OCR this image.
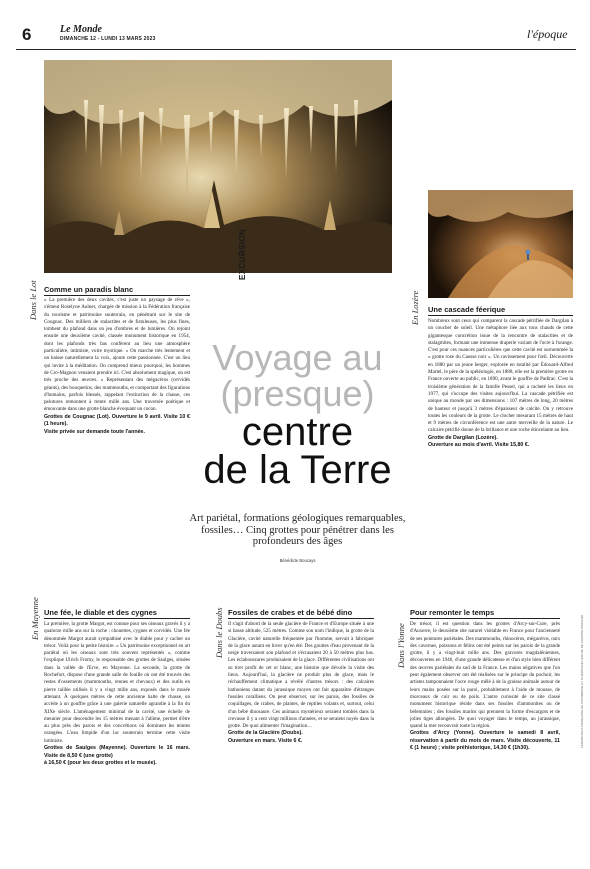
6	Le Monde
DIMANCHE 12 - LUNDI 13 MARS 2023	l'époque
Dans le Lot Comme un paradis blanc

« La première des deux cavités, c'est juste un paysage de rêve », s'émeut Roselyne Aulner, chargée de mission à la Fédération française du tourisme et patrimoine souterrain, en pénétrant sur le site de Cougnac. Des milliers de stalactites et de fistuleuses, les plus fines, tombent du plafond dans un jeu d'ombres et de lumières. On rejoint ensuite une deuxième cavité, classée monument historique en 1954, dont les plafonds très bas confèrent au lieu une atmosphère particulière, intimiste, voire mystique. « On marche très lentement et on baisse naturellement la voix, ajoute cette passionnée. C'est un lieu qui invite à la méditation. On comprend mieux pourquoi, les hommes de Cro-Magnon venaient prendre ici. C'est absolument magique, on est très proche des œuvres. » Représentant des mégacéros (cervidés géants), des bouquetins, des mammouths, et comportant des figurations d'humains, parfois blessés, rappelant l'extinction de la chasse, ces peintures remontent à trente mille ans. Une traversée poétique et émouvante dans une grotte blanche évoquant un cocon.

Grottes de Cougnac (Lot). Ouverture le 9 avril. Visite 10 € (1 heure).

Visite privée sur demande toute l'année.

EXCURSION
Voyage au
(presque)
centre
de la Terre
Art pariétal, formations géologiques remarquables, fossiles… Cinq grottes pour pénétrer dans les profondeurs des âges
Bénédicte Boucays
En Lozère Une cascade féerique

Nombreux sont ceux qui comparent la cascade pétrifiée de Dargilan à un coucher de soleil. Une métaphore liée aux tons chauds de cette gigantesque concrétion issue de la rencontre de stalactites et de stalagmites, formant une immense draperie variant de l'ocre à l'orange. C'est pour ces nuances particulières que cette cavité est surnommée la « grotte rose du Causse noir ». Un ravissement pour l'œil. Découverte en 1880 par un jeune berger, explorée en totalité par Édouard-Alfred Martel, le père de la spéléologie, en 1888, elle est la première grotte en France ouverte au public, en 1890, avant le gouffre de Padirac. C'est la troisième génération de la famille Pessel, qui a racheté les lieux en 1977, qui s'occupe des visites aujourd'hui. La cascade pétrifiée est unique au monde par ses dimensions : 107 mètres de long, 20 mètres de hauteur et jusqu'à 3 mètres d'épaisseur de calcite. On y retrouve toutes les couleurs de la grotte. Le clocher mesurant 15 mètres de haut et 9 mètres de circonférence est une autre merveille de la nature. Le calcaire pétrifié donne de la brillance et une roche étincelante au lieu.

Grotte de Dargilan (Lozère).

Ouverture au mois d'avril. Visite 15,80 €.

En Mayenne Une fée, le diable et des cygnes

La première, la grotte Margot, est connue pour ses oiseaux gravés il y a quatorze mille ans sur la roche : chouettes, cygnes et corvidés. Une fée dénommée Margot aurait sympathisé avec le diable pour y cacher un trésor. Voilà pour la petite histoire. « Un patrimoine exceptionnel en art pariétal où les oiseaux sont très souvent représentés », comme l'explique Ulrich Fromy, le responsable des grottes de Saulges, situées dans la vallée de l'Erve, en Mayenne. La seconde, la grotte de Rochefort, dispose d'une grande salle de fouille où ont été trouvés des restes d'ossements (mammouths, rennes et chevaux) et des outils en pierre taillée utilisés il y a vingt mille ans, exposés dans le musée attenant. À quelques mètres de cette ancienne halte de chasse, on accède à un gouffre grâce à une galerie naturelle agrandie à la fin du XIXe siècle. L'aménagement minimal de la cavité, une échelle de meunier pour descendre les 15 mètres menant à l'abîme, permet d'être au plus près des parois et des concrétions où dominent les teintes orangées. L'eau limpide d'un lac souterrain termine cette visite intimiste.

Grottes de Saulges (Mayenne). Ouverture le 16 mars. Visite de 8,50 € (une grotte)

à 16,50 € (pour les deux grottes et le musée).

Dans le Doubs Fossiles de crabes et de bébé dino

Il s'agit d'abord de la seule glacière de France et d'Europe située à une si basse altitude, 525 mètres. Comme son nom l'indique, la grotte de la Glacière, cavité naturelle fréquentée par l'homme, servait à fabriquer de la glace autant en hiver qu'en été. Des gouttes d'eau provenant de la neige traversaient son plafond et s'écrasaient 20 à 50 mètres plus bas. Les éclaboussures produisaient de la glace. Différentes civilisations ont su tirer profit de cet or blanc, une histoire que dévoile la visite des lieux. Aujourd'hui, la glacière ne produit plus de glace, mais le réchauffement climatique a révélé d'autres trésors : des calcaires bathoniens datant du jurassique moyen ont fait apparaître d'étranges fossiles coralliens. On peut observer, sur les parois, des fossiles de coquillages, de crabes, de plantes, de reptiles volants et, surtout, celui d'un bébé dinosaure. Ces animaux mystérieux seraient tombés dans la crevasse il y a cent vingt millions d'années, et se seraient noyés dans la grotte. De quoi alimenter l'imagination…

Grotte de la Glacière (Doubs).

Ouverture en mars. Visite 6 €.

Dans l'Yonne
Pour remonter le temps

De trésor, il est question dans les grottes d'Arcy-sur-Cure, près d'Auxerre, le deuxième site naturel visitable en France pour l'ancienneté de ses peintures pariétales. Des mammouths, rhinocéros, mégacéros, ours des cavernes, poissons et félins ont été peints sur les parois de la grande grotte, il y a vingt-huit mille ans. Des gravures magdaléniennes, découvertes en 1946, d'une grande délicatesse et d'un style bien différent des œuvres pariétales du sud de la France. Les mains négatives que l'on peut également observer ont été réalisées sur le principe du pochoir, les artistes tamponnaient l'ocre rouge mêlé à de la graisse animale autour de leurs mains posées sur la paroi, probablement à l'aide de mousse, de morceaux de cuir ou de poils. L'autre curiosité de ce site classé monument historique réside dans ses fossiles d'ammonites ou de bélemnites ; des fossiles marins qui prennent la forme d'escargots et de jolies tiges allongées. De quoi voyager dans le temps, au jurassique, quand la mer recouvrait toute la région.

Grottes d'Arcy (Yonne). Ouverture le samedi 8 avril, réservation à partir du mois de mars. Visite découverte, 11 € (1 heure) ; visite préhistorique, 14,30 € (1h30).

FEDEROTECA FRANÇAISE DE PATRIMOINE ET D'HÉRITAGE CENTRE DE PHILIPPE PSICHARI
